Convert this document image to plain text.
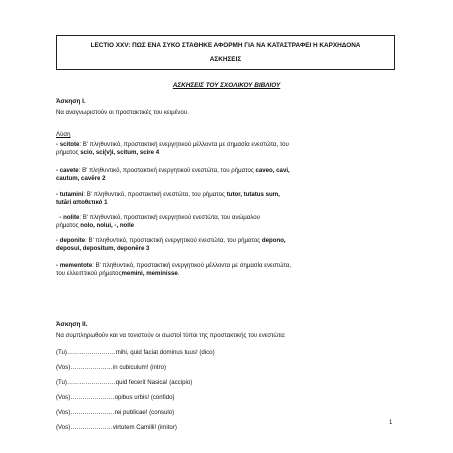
LECTIO XXV: ΠΩΣ ΕΝΑ ΣΥΚΟ ΣΤΑΘΗΚΕ ΑΦΟΡΜΗ ΓΙΑ ΝΑ ΚΑΤΑΣΤΡΑΦΕΙ Η ΚΑΡΧΗΔΟΝΑ
ΑΣΚΗΣΕΙΣ
ΑΣΚΗΣΕΙΣ ΤΟΥ ΣΧΟΛΙΚΟΥ ΒΙΒΛΙΟΥ
Άσκηση Ι.
Να αναγνωριστούν οι προστακτικές του κειμένου.
Λύση
- scitote: Β' πληθυντικό, προστακτική ενεργητικού μέλλοντα με σημασία ενεστώτα, του
ρήματος scio, sci(v)i, scitum, scire 4
- cavete: Β' πληθυντικό, προστακτική ενεργητικού ενεστώτα, του ρήματος caveo, cavi,
cautum, cavēre 2
- tutamini: Β' πληθυντικό, προστακτική ενεστώτα, του ρήματος tutor, tutatus sum,
tutāri αποθετικό 1
- nolite: Β' πληθυντικό, προστακτική ενεργητικού ενεστώτα, του ανώμαλου
ρήματος nolo, nolui, -, nolle
- deponite: Β' πληθυντικό, προστακτική ενεργητικού ενεστώτα, του ρήματος depono,
deposui, depositum, deponĕre 3
- mementote: Β' πληθυντικό, προστακτική ενεργητικού μέλλοντα με σημασία ενεστώτα,
του ελλειπτικού ρήματοςmemini, meminisse.
Άσκηση ΙΙ.
Να συμπληρωθούν και να τονιστούν οι σωστοί τύποι της προστακτικής του ενεστώτα:
(Tu)……………………mihi, quid faciat dominus tuus! (dico)
(Vos)…………………in cubiculum! (intro)
(Tu)……………………quid fecerit Nasica! (accipio)
(Vos)………………….opibus urbis! (confido)
(Vos)………………….rei publicae! (consulo)
(Vos)…………………virtutem Camilli! (imitor)
1
